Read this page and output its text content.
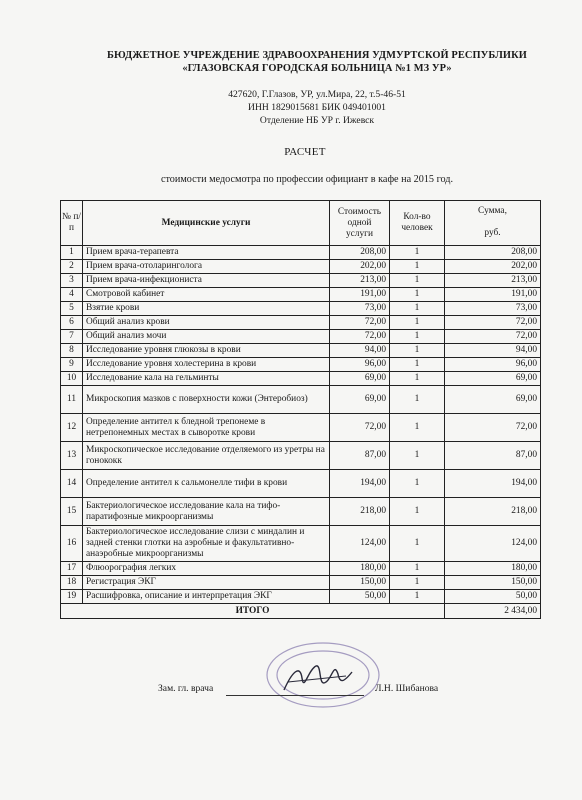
БЮДЖЕТНОЕ УЧРЕЖДЕНИЕ ЗДРАВООХРАНЕНИЯ УДМУРТСКОЙ РЕСПУБЛИКИ
«ГЛАЗОВСКАЯ ГОРОДСКАЯ БОЛЬНИЦА №1 МЗ УР»
427620, Г.Глазов, УР, ул.Мира, 22, т.5-46-51
ИНН 1829015681 БИК 049401001
Отделение НБ УР г. Ижевск
РАСЧЕТ
стоимости медосмотра по профессии официант в кафе на 2015 год.
№ п/п	Медицинские услуги	Стоимость одной услуги	Кол-во человек	Сумма,
руб.

1	Прием врача-терапевта	208,00	1	208,00
2	Прием врача-отоларинголога	202,00	1	202,00
3	Прием врача-инфекциониста	213,00	1	213,00
4	Смотровой кабинет	191,00	1	191,00
5	Взятие крови	73,00	1	73,00
6	Общий анализ крови	72,00	1	72,00
7	Общий анализ мочи	72,00	1	72,00
8	Исследование уровня глюкозы в крови	94,00	1	94,00
9	Исследование уровня холестерина в крови	96,00	1	96,00
10	Исследование кала на гельминты	69,00	1	69,00
11	Микроскопия мазков с поверхности кожи (Энтеробиоз)	69,00	1	69,00
12	Определение антител к бледной трепонеме в нетрепонемных местах в сыворотке крови	72,00	1	72,00
13	Микроскопическое исследование отделяемого из уретры на гонококк	87,00	1	87,00
14	Определение антител к сальмонелле тифи в крови	194,00	1	194,00
15	Бактериологическое исследование кала на тифо-паратифозные микроорганизмы	218,00	1	218,00
16	Бактериологическое исследование слизи с миндалин и задней стенки глотки на аэробные и факультативно-анаэробные микроорганизмы	124,00	1	124,00
17	Флюорография легких	180,00	1	180,00
18	Регистрация ЭКГ	150,00	1	150,00
19	Расшифровка, описание и интерпретация ЭКГ	50,00	1	50,00
ИТОГО				2 434,00
Зам. гл. врача	Л.Н. Шибанова
